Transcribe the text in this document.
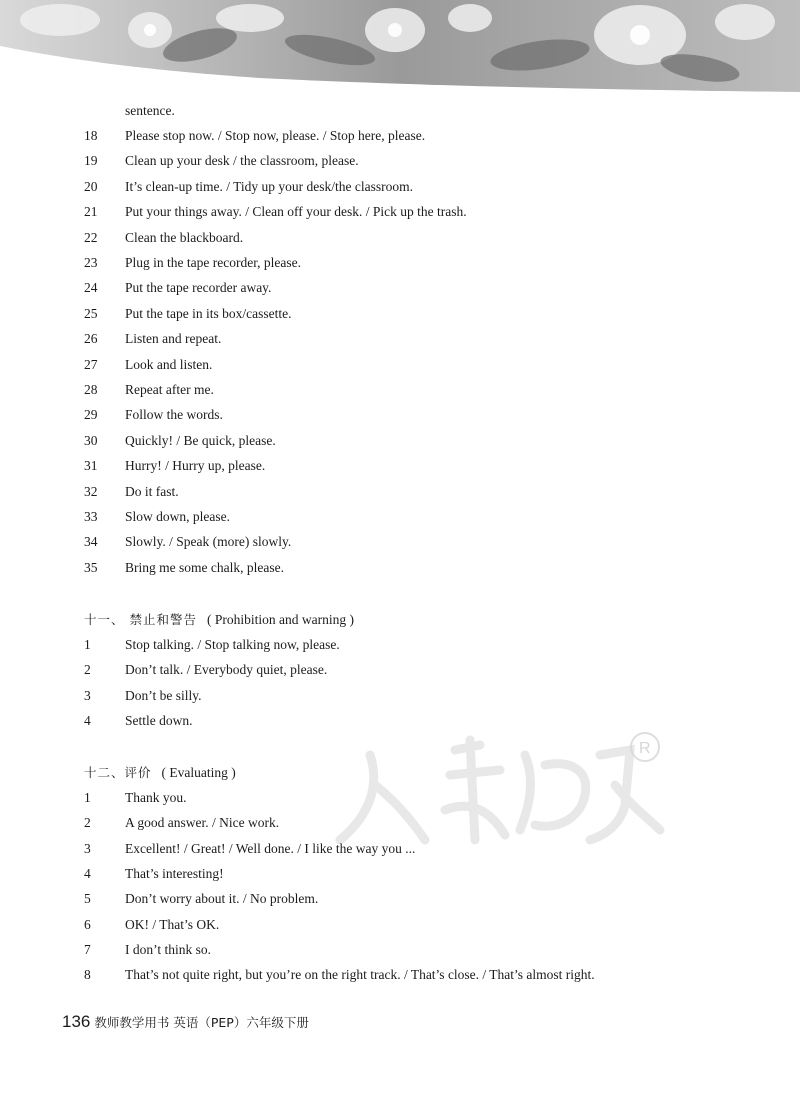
R
sentence.
18	Please stop now. / Stop now, please. / Stop here, please.
19	Clean up your desk / the classroom, please.
20	It’s clean-up time. / Tidy up your desk/the classroom.
21	Put your things away. / Clean off your desk. / Pick up the trash.
22	Clean the blackboard.
23	Plug in the tape recorder, please.
24	Put the tape recorder away.
25	Put the tape in its box/cassette.
26	Listen and repeat.
27	Look and listen.
28	Repeat after me.
29	Follow the words.
30	Quickly! / Be quick, please.
31	Hurry! / Hurry up, please.
32	Do it fast.
33	Slow down, please.
34	Slowly. / Speak (more) slowly.
35	Bring me some chalk, please.
十一、 禁止和警告 ( Prohibition and warning )
1	Stop talking. / Stop talking now, please.
2	Don’t talk. / Everybody quiet, please.
3	Don’t be silly.
4	Settle down.
十二、评价 ( Evaluating )
1	Thank you.
2	A good answer. / Nice work.
3	Excellent! / Great! / Well done. / I like the way you ...
4	That’s interesting!
5	Don’t worry about it. / No problem.
6	OK! / That’s OK.
7	I don’t think so.
8	That’s not quite right, but you’re on the right track. / That’s close. / That’s almost right.
136 教师教学用书 英语（PEP）六年级下册
